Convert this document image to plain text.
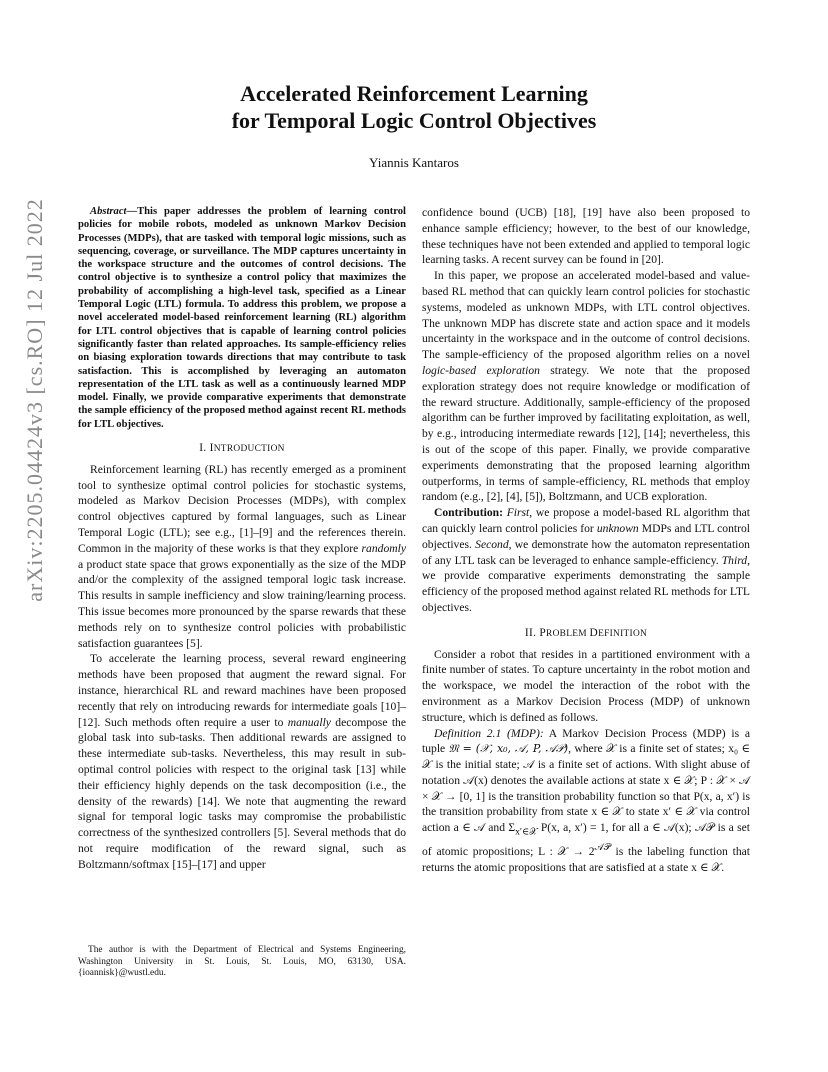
arXiv:2205.04424v3 [cs.RO] 12 Jul 2022
Accelerated Reinforcement Learning
for Temporal Logic Control Objectives
Yiannis Kantaros

Abstract—This paper addresses the problem of learning control policies for mobile robots, modeled as unknown Markov Decision Processes (MDPs), that are tasked with temporal logic missions, such as sequencing, coverage, or surveillance. The MDP captures uncertainty in the workspace structure and the outcomes of control decisions. The control objective is to synthesize a control policy that maximizes the probability of accomplishing a high-level task, specified as a Linear Temporal Logic (LTL) formula. To address this problem, we propose a novel accelerated model-based reinforcement learning (RL) algorithm for LTL control objectives that is capable of learning control policies significantly faster than related approaches. Its sample-efficiency relies on biasing exploration towards directions that may contribute to task satisfaction. This is accomplished by leveraging an automaton representation of the LTL task as well as a continuously learned MDP model. Finally, we provide comparative experiments that demonstrate the sample efficiency of the proposed method against recent RL methods for LTL objectives.

I. INTRODUCTION

Reinforcement learning (RL) has recently emerged as a prominent tool to synthesize optimal control policies for stochastic systems, modeled as Markov Decision Processes (MDPs), with complex control objectives captured by formal languages, such as Linear Temporal Logic (LTL); see e.g., [1]–[9] and the references therein. Common in the majority of these works is that they explore randomly a product state space that grows exponentially as the size of the MDP and/or the complexity of the assigned temporal logic task increase. This results in sample inefficiency and slow training/learning process. This issue becomes more pronounced by the sparse rewards that these methods rely on to synthesize control policies with probabilistic satisfaction guarantees [5].

To accelerate the learning process, several reward engineering methods have been proposed that augment the reward signal. For instance, hierarchical RL and reward machines have been proposed recently that rely on introducing rewards for intermediate goals [10]–[12]. Such methods often require a user to manually decompose the global task into sub-tasks. Then additional rewards are assigned to these intermediate sub-tasks. Nevertheless, this may result in sub-optimal control policies with respect to the original task [13] while their efficiency highly depends on the task decomposition (i.e., the density of the rewards) [14]. We note that augmenting the reward signal for temporal logic tasks may compromise the probabilistic correctness of the synthesized controllers [5]. Several methods that do not require modification of the reward signal, such as Boltzmann/softmax [15]–[17] and upper

The author is with the Department of Electrical and Systems Engineering, Washington University in St. Louis, St. Louis, MO, 63130, USA. {ioannisk}@wustl.edu.

confidence bound (UCB) [18], [19] have also been proposed to enhance sample efficiency; however, to the best of our knowledge, these techniques have not been extended and applied to temporal logic learning tasks. A recent survey can be found in [20].

In this paper, we propose an accelerated model-based and value-based RL method that can quickly learn control policies for stochastic systems, modeled as unknown MDPs, with LTL control objectives. The unknown MDP has discrete state and action space and it models uncertainty in the workspace and in the outcome of control decisions. The sample-efficiency of the proposed algorithm relies on a novel logic-based exploration strategy. We note that the proposed exploration strategy does not require knowledge or modification of the reward structure. Additionally, sample-efficiency of the proposed algorithm can be further improved by facilitating exploitation, as well, by e.g., introducing intermediate rewards [12], [14]; nevertheless, this is out of the scope of this paper. Finally, we provide comparative experiments demonstrating that the proposed learning algorithm outperforms, in terms of sample-efficiency, RL methods that employ random (e.g., [2], [4], [5]), Boltzmann, and UCB exploration.

Contribution: First, we propose a model-based RL algorithm that can quickly learn control policies for unknown MDPs and LTL control objectives. Second, we demonstrate how the automaton representation of any LTL task can be leveraged to enhance sample-efficiency. Third, we provide comparative experiments demonstrating the sample efficiency of the proposed method against related RL methods for LTL objectives.

II. PROBLEM DEFINITION

Consider a robot that resides in a partitioned environment with a finite number of states. To capture uncertainty in the robot motion and the workspace, we model the interaction of the robot with the environment as a Markov Decision Process (MDP) of unknown structure, which is defined as follows.

Definition 2.1 (MDP): A Markov Decision Process (MDP) is a tuple 𝔐 = (𝒳, x₀, 𝒜, P, 𝒜𝒫), where 𝒳 is a finite set of states; x₀ ∈ 𝒳 is the initial state; 𝒜 is a finite set of actions. With slight abuse of notation 𝒜(x) denotes the available actions at state x ∈ 𝒳; P : 𝒳 × 𝒜 × 𝒳 → [0, 1] is the transition probability function so that P(x, a, x′) is the transition probability from state x ∈ 𝒳 to state x′ ∈ 𝒳 via control action a ∈ 𝒜 and $\Sigma_{x'\in 𝒳}$ P(x, a, x′) = 1, for all a ∈ 𝒜(x); 𝒜𝒫 is a set of atomic propositions; L : 𝒳 → $2^{𝒜𝒫}$ is the labeling function that returns the atomic propositions that are satisfied at a state x ∈ 𝒳.
